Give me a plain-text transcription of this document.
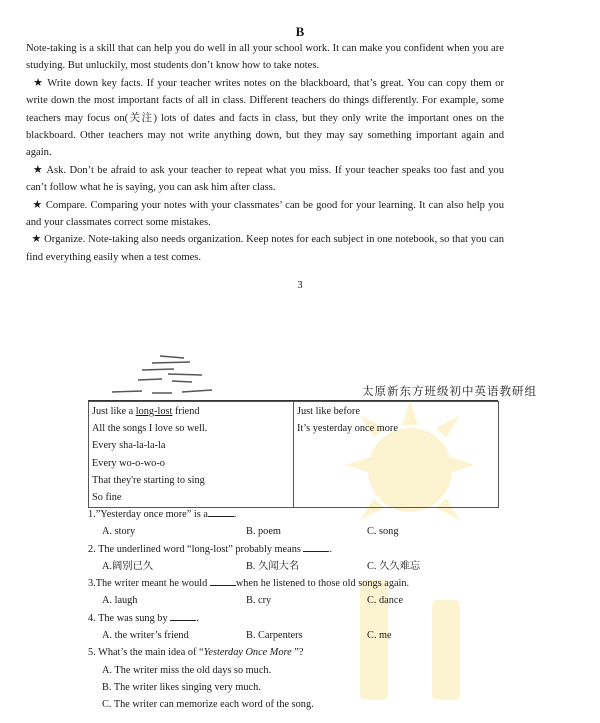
B
Note-taking is a skill that can help you do well in all your school work. It can make you confident when you are studying. But unluckily, most students don’t know how to take notes.
★ Write down key facts. If your teacher writes notes on the blackboard, that’s great. You can copy them or write down the most important facts of all in class. Different teachers do things differently. For example, some teachers may focus on(关注) lots of dates and facts in class, but they only write the important ones on the blackboard. Other teachers may not write anything down, but they may say something important again and again.
★ Ask. Don’t be afraid to ask your teacher to repeat what you miss. If your teacher speaks too fast and you can’t follow what he is saying, you can ask him after class.
★ Compare. Comparing your notes with your classmates’ can be good for your learning. It can also help you and your classmates correct some mistakes.
★ Organize. Note-taking also needs organization. Keep notes for each subject in one notebook, so that you can find everything easily when a test comes.
3
太原新东方班级初中英语教研组
Just like a long-lost friend
All the songs I love so well.
Every sha-la-la-la
Every wo-o-wo-o
That they're starting to sing
So fine

Just like before
It’s yesterday once more
1.”Yesterday once more” is a	.
A. story	B. poem	C. song
2. The underlined word “long-lost” probably means	.
A.阔别已久	B. 久闻大名	C. 久久难忘
3.The writer meant he would	when he listened to those old songs again.
A. laugh	B. cry	C. dance
4. The was sung by	.
A. the writer’s friend	B. Carpenters	C. me
5. What’s the main idea of “Yesterday Once More ”?
A. The writer miss the old days so much.
B. The writer likes singing very much.
C. The writer can memorize each word of the song.
